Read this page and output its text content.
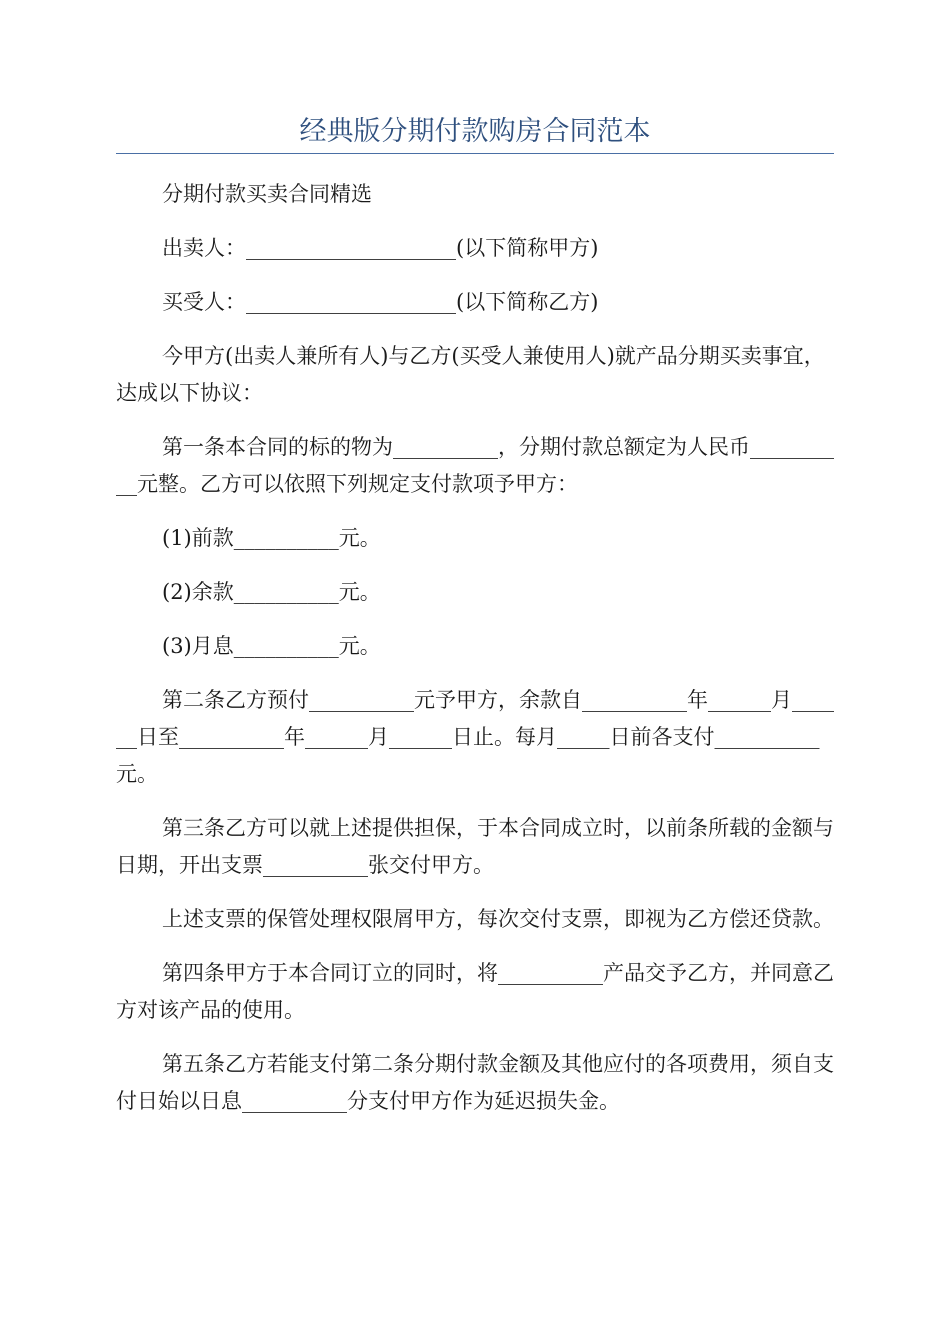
经典版分期付款购房合同范本

分期付款买卖合同精选

出卖人：____________________(以下简称甲方)

买受人：____________________(以下简称乙方)

今甲方(出卖人兼所有人)与乙方(买受人兼使用人)就产品分期买卖事宜，达成以下协议：

第一条本合同的标的物为__________，分期付款总额定为人民币__________元整。乙方可以依照下列规定支付款项予甲方：

(1)前款__________元。

(2)余款__________元。

(3)月息__________元。

第二条乙方预付__________元予甲方，余款自__________年______月______日至__________年______月______日止。每月_____日前各支付__________元。

第三条乙方可以就上述提供担保，于本合同成立时，以前条所载的金额与日期，开出支票__________张交付甲方。

上述支票的保管处理权限屑甲方，每次交付支票，即视为乙方偿还贷款。

第四条甲方于本合同订立的同时，将__________产品交予乙方，并同意乙方对该产品的使用。

第五条乙方若能支付第二条分期付款金额及其他应付的各项费用，须自支付日始以日息__________分支付甲方作为延迟损失金。
